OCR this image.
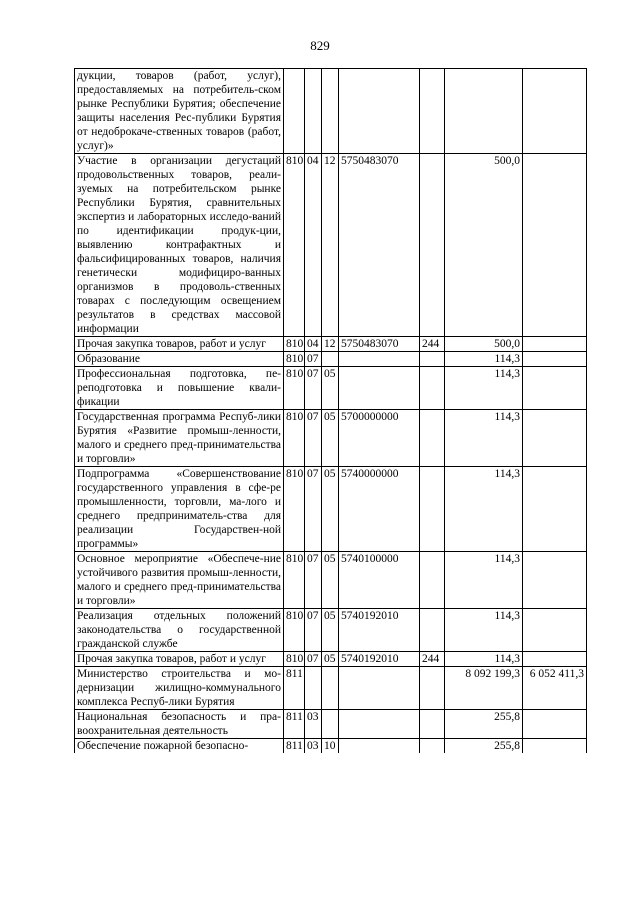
829
дукции, товаров (работ, услуг), предоставляемых на потребитель-ском рынке Республики Бурятия; обеспечение защиты населения Рес-публики Бурятия от недоброкаче-ственных товаров (работ, услуг)»							
Участие в организации дегустаций продовольственных товаров, реали-зуемых на потребительском рынке Республики Бурятия, сравнительных экспертиз и лабораторных исследо-ваний по идентификации продук-ции, выявлению контрафактных и фальсифицированных товаров, наличия генетически модифициро-ванных организмов в продоволь-ственных товарах с последующим освещением результатов в средствах массовой информации	810	04	12	5750483070		500,0	
Прочая закупка товаров, работ и услуг	810	04	12	5750483070	244	500,0	
Образование	810	07				114,3	
Профессиональная подготовка, пе-реподготовка и повышение квали-фикации	810	07	05			114,3	
Государственная программа Респуб-лики Бурятия «Развитие промыш-ленности, малого и среднего пред-принимательства и торговли»	810	07	05	5700000000		114,3	
Подпрограмма «Совершенствование государственного управления в сфе-ре промышленности, торговли, ма-лого и среднего предприниматель-ства для реализации Государствен-ной программы»	810	07	05	5740000000		114,3	
Основное мероприятие «Обеспече-ние устойчивого развития промыш-ленности, малого и среднего пред-принимательства и торговли»	810	07	05	5740100000		114,3	
Реализация отдельных положений законодательства о государственной гражданской службе	810	07	05	5740192010		114,3	
Прочая закупка товаров, работ и услуг	810	07	05	5740192010	244	114,3	
Министерство строительства и мо-дернизации жилищно-коммунального комплекса Респуб-лики Бурятия	811					8 092 199,3	6 052 411,3
Национальная безопасность и пра-воохранительная деятельность	811	03				255,8	
Обеспечение пожарной безопасно-	811	03	10			255,8	
